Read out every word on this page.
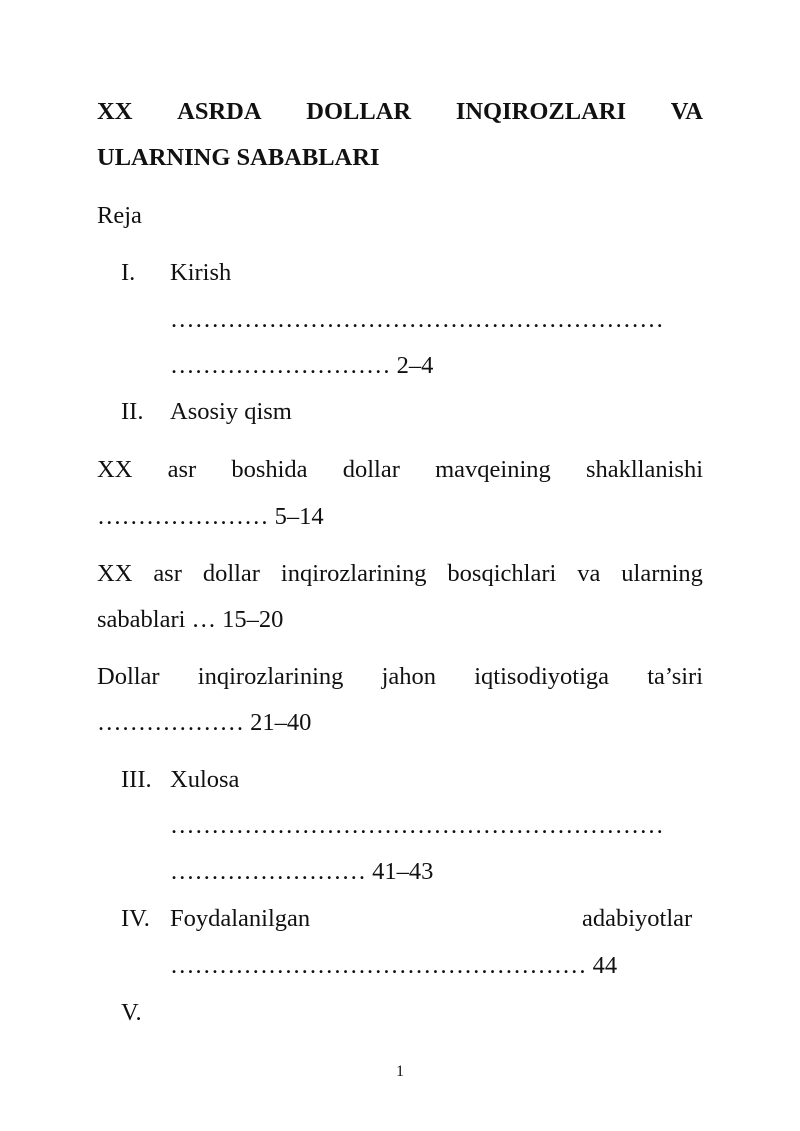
XX ASRDA DOLLAR INQIROZLARI VA
ULARNING SABABLARI
Reja
I. Kirish
……………………………………………………
……………………… 2–4
II. Asosiy qism
XX asr boshida dollar mavqeining shakllanishi
………………… 5–14
XX asr dollar inqirozlarining bosqichlari va ularning
sabablari … 15–20
Dollar inqirozlarining jahon iqtisodiyotiga ta’siri
……………… 21–40
III. Xulosa
……………………………………………………
…………………… 41–43
IV. Foydalanilgan	adabiyotlar
…………………………………………… 44
V.
1
